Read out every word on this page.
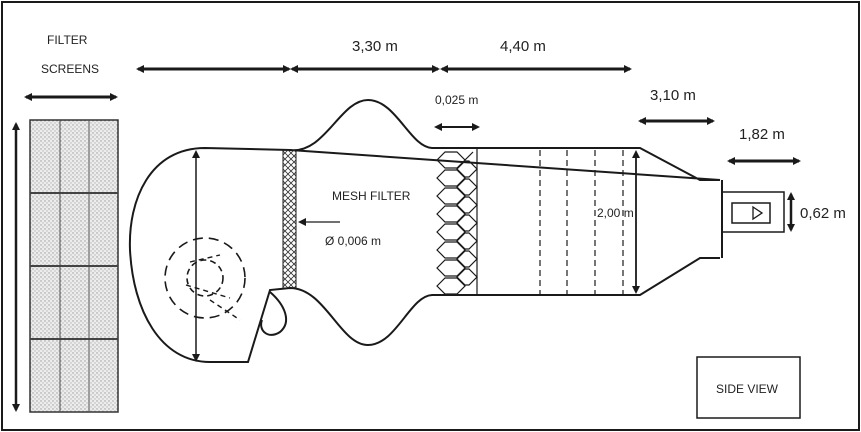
FILTER
SCREENS
MESH FILTER
Ø 0,006 m
0,025 m
2,00 m	0,62 m
3,30 m	4,40 m
3,10 m
1,82 m
SIDE VIEW
